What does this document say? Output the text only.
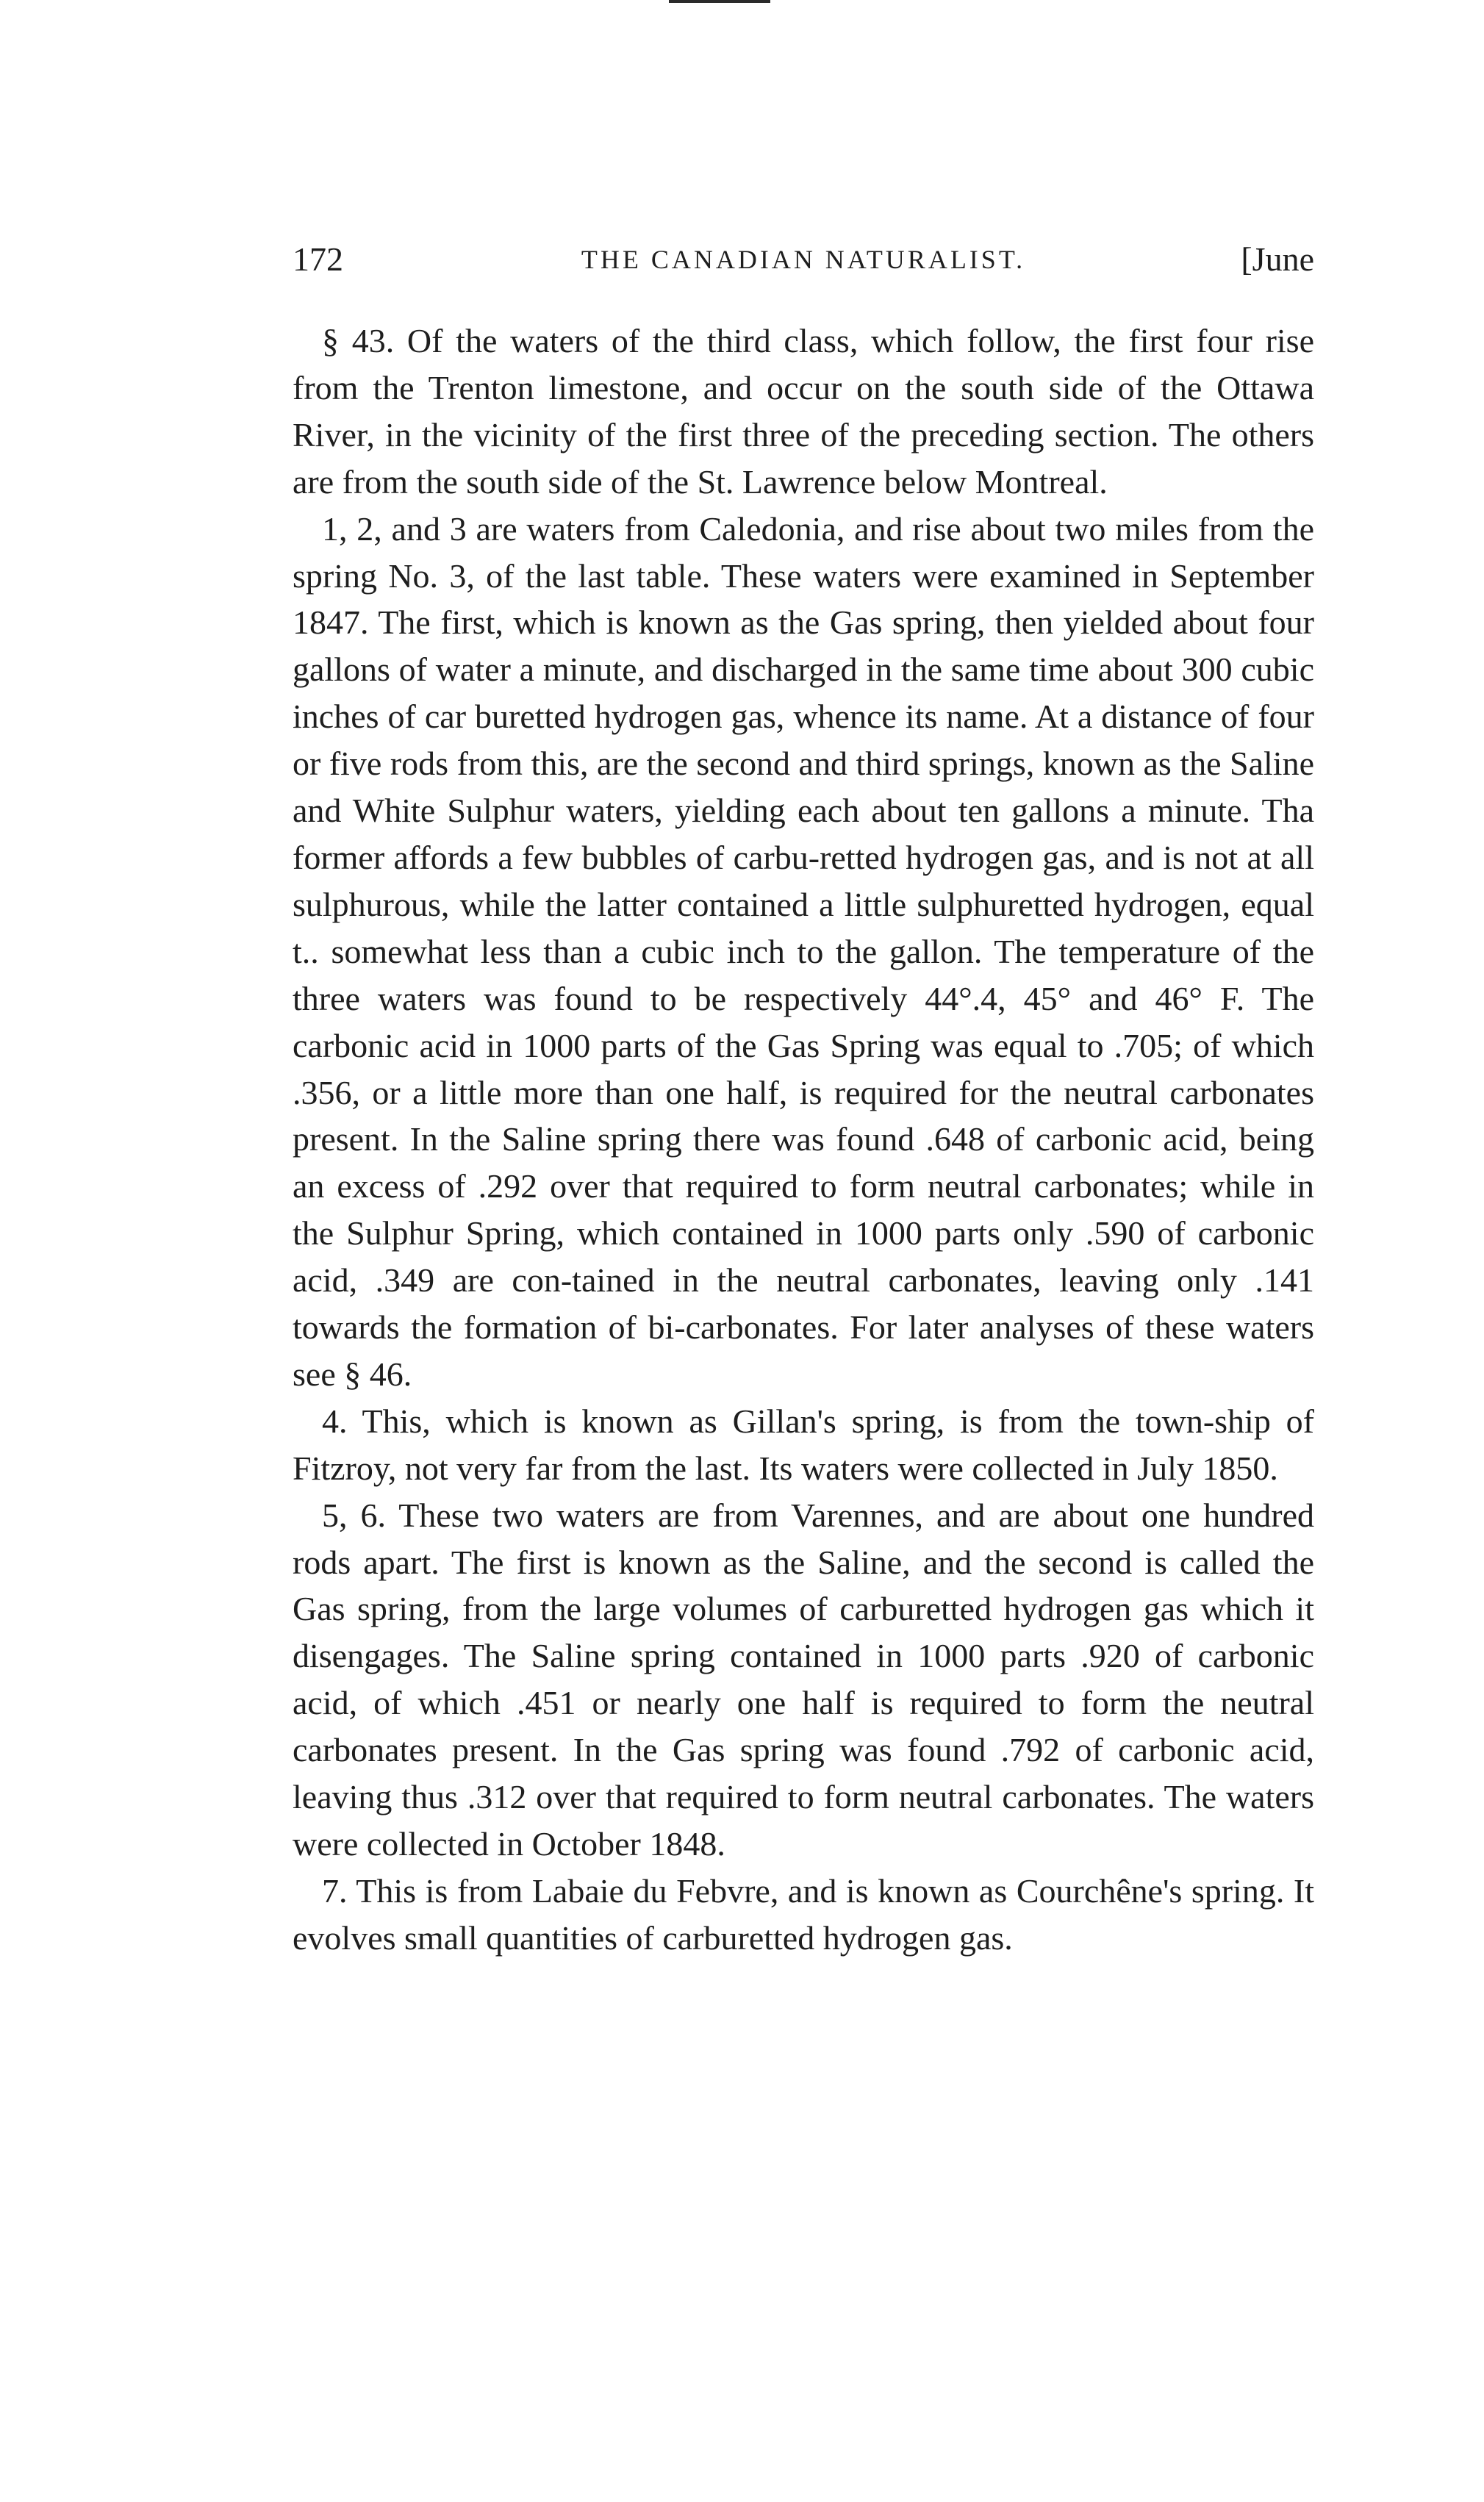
172	THE CANADIAN NATURALIST.	[June

§ 43. Of the waters of the third class, which follow, the first four rise from the Trenton limestone, and occur on the south side of the Ottawa River, in the vicinity of the first three of the preceding section. The others are from the south side of the St. Lawrence below Montreal.

1, 2, and 3 are waters from Caledonia, and rise about two miles from the spring No. 3, of the last table. These waters were examined in September 1847. The first, which is known as the Gas spring, then yielded about four gallons of water a minute, and discharged in the same time about 300 cubic inches of car buretted hydrogen gas, whence its name. At a distance of four or five rods from this, are the second and third springs, known as the Saline and White Sulphur waters, yielding each about ten gallons a minute. Tha former affords a few bubbles of carbu-retted hydrogen gas, and is not at all sulphurous, while the latter contained a little sulphuretted hydrogen, equal t.. somewhat less than a cubic inch to the gallon. The temperature of the three waters was found to be respectively 44°.4, 45° and 46° F. The carbonic acid in 1000 parts of the Gas Spring was equal to .705; of which .356, or a little more than one half, is required for the neutral carbonates present. In the Saline spring there was found .648 of carbonic acid, being an excess of .292 over that required to form neutral carbonates; while in the Sulphur Spring, which contained in 1000 parts only .590 of carbonic acid, .349 are con-tained in the neutral carbonates, leaving only .141 towards the formation of bi-carbonates. For later analyses of these waters see § 46.

4. This, which is known as Gillan's spring, is from the town-ship of Fitzroy, not very far from the last. Its waters were collected in July 1850.

5, 6. These two waters are from Varennes, and are about one hundred rods apart. The first is known as the Saline, and the second is called the Gas spring, from the large volumes of carburetted hydrogen gas which it disengages. The Saline spring contained in 1000 parts .920 of carbonic acid, of which .451 or nearly one half is required to form the neutral carbonates present. In the Gas spring was found .792 of carbonic acid, leaving thus .312 over that required to form neutral carbonates. The waters were collected in October 1848.

7. This is from Labaie du Febvre, and is known as Courchêne's spring. It evolves small quantities of carburetted hydrogen gas.
